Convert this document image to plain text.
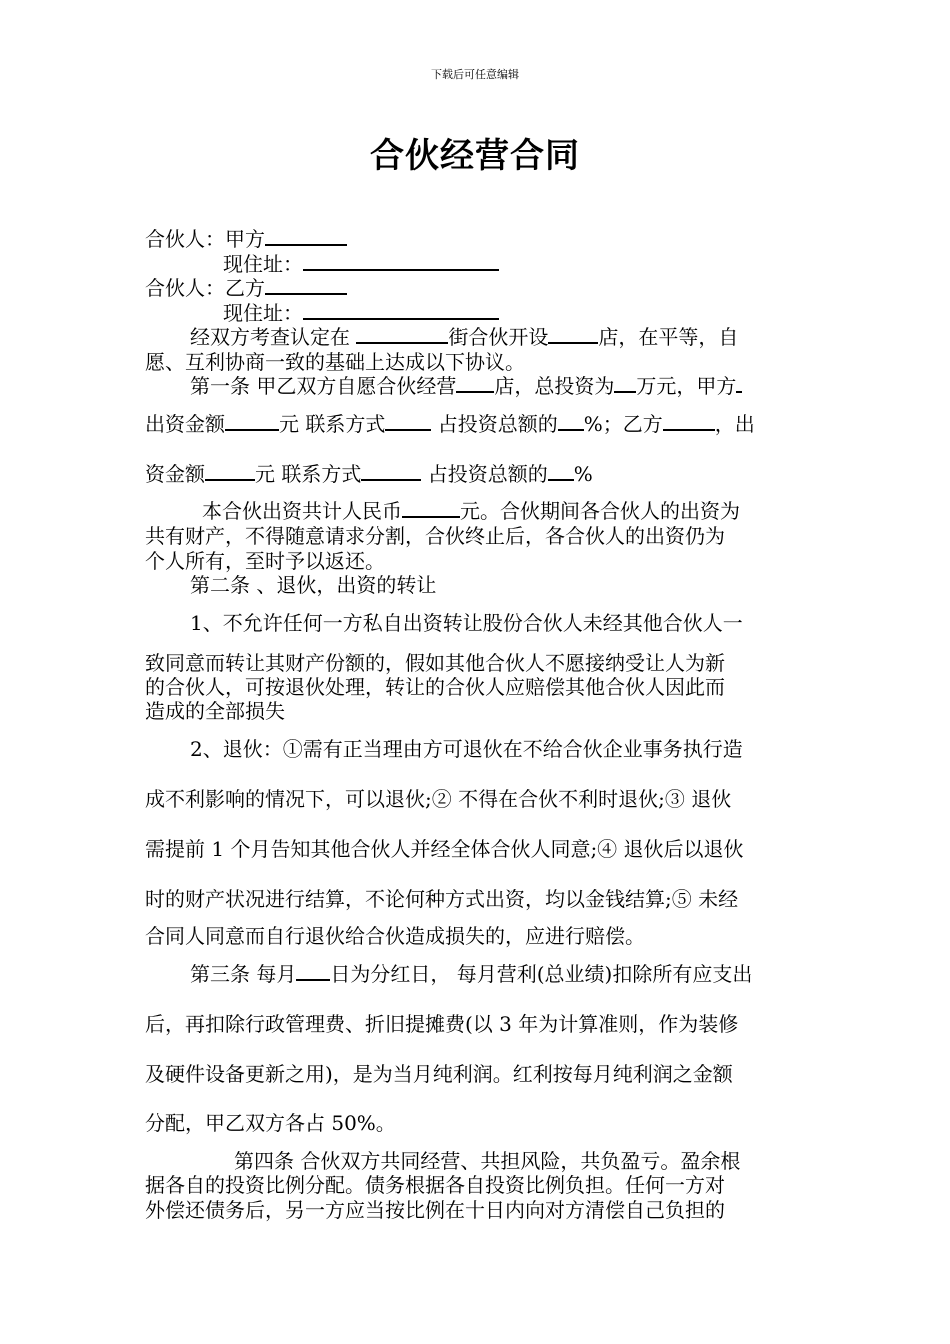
下载后可任意编辑
合伙经营合同
合伙人：甲方
现住址：
合伙人：乙方
现住址：
经双方考查认定在	街合伙开设	店，在平等，自
愿、互利协商一致的基础上达成以下协议。
第一条 甲乙双方自愿合伙经营 店，总投资为 万元，甲方
出资金额	元 联系方式 占投资总额的 %；乙方	，出
资金额	元 联系方式	占投资总额的 %
本合伙出资共计人民币	元。合伙期间各合伙人的出资为
共有财产，不得随意请求分割，合伙终止后，各合伙人的出资仍为
个人所有，至时予以返还。
第二条 、退伙，出资的转让
1、不允许任何一方私自出资转让股份合伙人未经其他合伙人一
致同意而转让其财产份额的，假如其他合伙人不愿接纳受让人为新
的合伙人，可按退伙处理，转让的合伙人应赔偿其他合伙人因此而
造成的全部损失
2、退伙：①需有正当理由方可退伙在不给合伙企业事务执行造
成不利影响的情况下，可以退伙;② 不得在合伙不利时退伙;③ 退伙
需提前 1 个月告知其他合伙人并经全体合伙人同意;④ 退伙后以退伙
时的财产状况进行结算，不论何种方式出资，均以金钱结算;⑤ 未经
合同人同意而自行退伙给合伙造成损失的，应进行赔偿。
第三条 每月 日为分红日， 每月营利(总业绩)扣除所有应支出
后，再扣除行政管理费、折旧提摊费(以 3 年为计算准则，作为装修
及硬件设备更新之用)，是为当月纯利润。红利按每月纯利润之金额
分配，甲乙双方各占 50%。
第四条 合伙双方共同经营、共担风险，共负盈亏。盈余根
据各自的投资比例分配。债务根据各自投资比例负担。任何一方对
外偿还债务后，另一方应当按比例在十日内向对方清偿自己负担的
